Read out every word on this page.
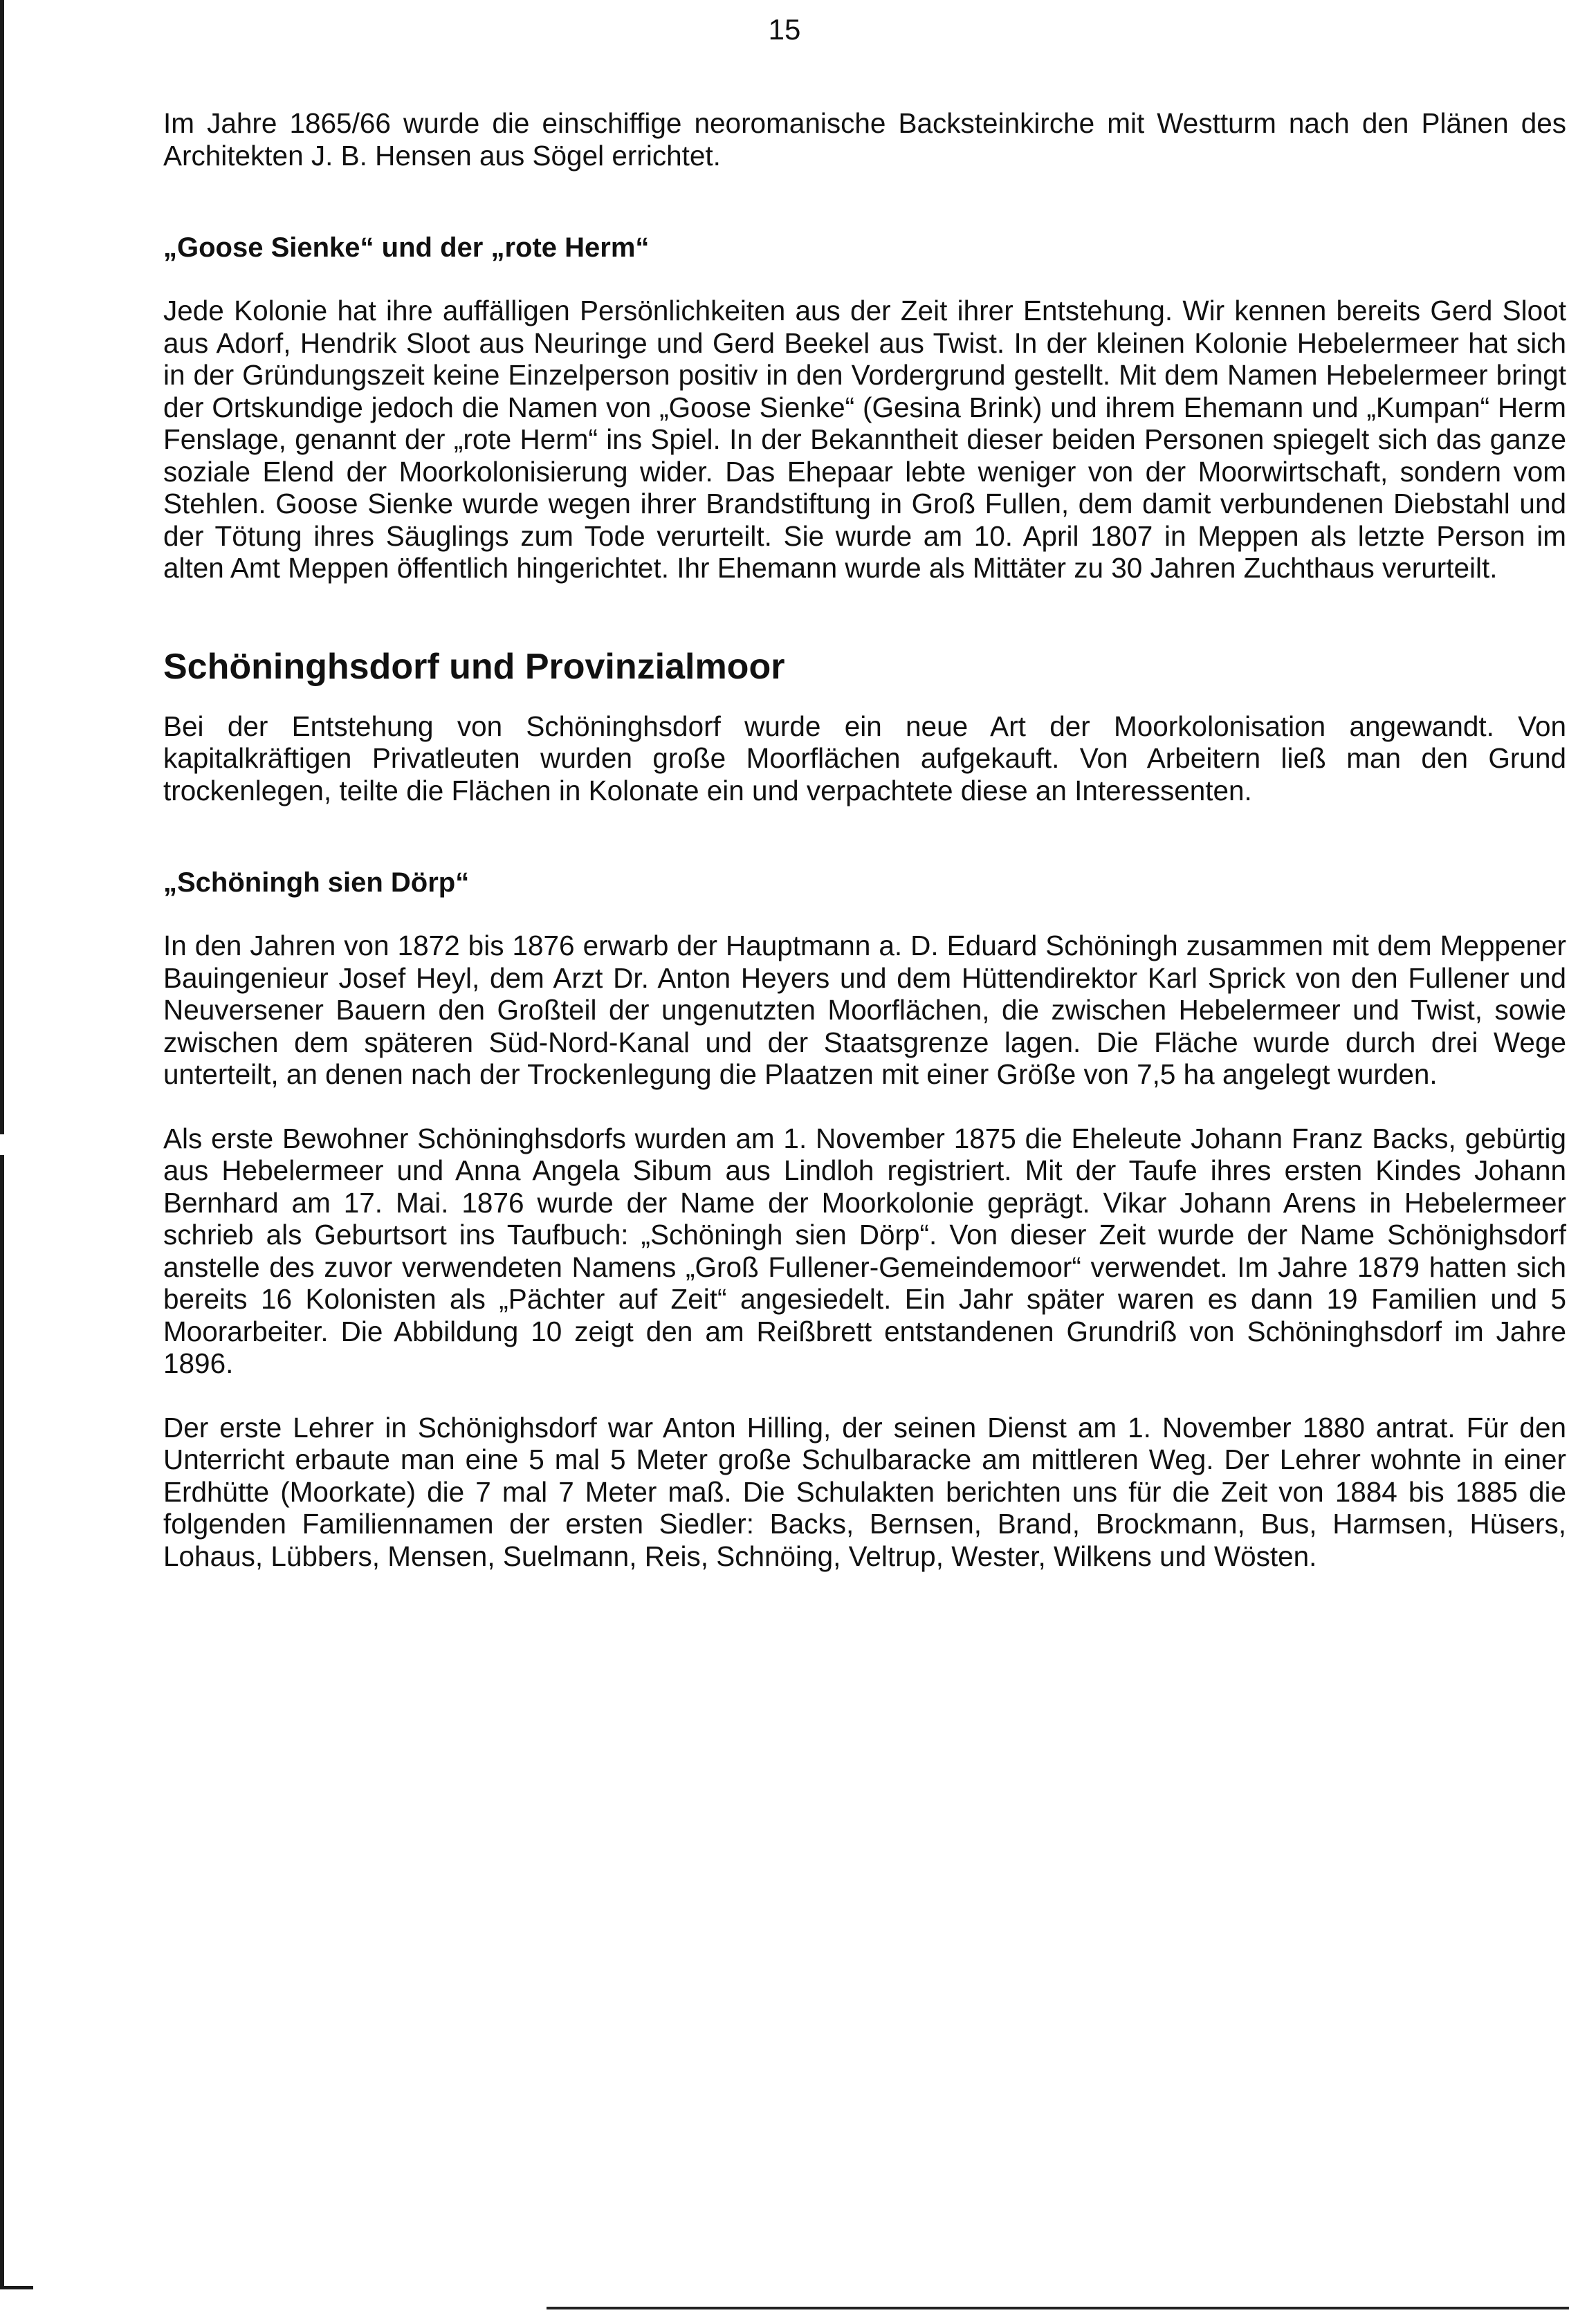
15

Im Jahre 1865/66 wurde die einschiffige neoromanische Backsteinkirche mit Westturm nach den Plänen des Architekten J. B. Hensen aus Sögel errichtet.

„Goose Sienke“ und der „rote Herm“

Jede Kolonie hat ihre auffälligen Persönlichkeiten aus der Zeit ihrer Entstehung. Wir kennen bereits Gerd Sloot aus Adorf, Hendrik Sloot aus Neuringe und Gerd Beekel aus Twist. In der kleinen Kolonie Hebelermeer hat sich in der Gründungszeit keine Einzelperson positiv in den Vordergrund gestellt. Mit dem Namen Hebelermeer bringt der Ortskundige jedoch die Namen von „Goose Sienke“ (Gesina Brink) und ihrem Ehemann und „Kumpan“ Herm Fenslage, genannt der „rote Herm“ ins Spiel. In der Bekanntheit dieser beiden Personen spiegelt sich das ganze soziale Elend der Moorkolonisierung wider. Das Ehepaar lebte weniger von der Moorwirtschaft, sondern vom Stehlen. Goose Sienke wurde wegen ihrer Brandstiftung in Groß Fullen, dem damit verbundenen Diebstahl und der Tötung ihres Säuglings zum Tode verurteilt. Sie wurde am 10. April 1807 in Meppen als letzte Person im alten Amt Meppen öffentlich hingerichtet. Ihr Ehemann wurde als Mittäter zu 30 Jahren Zuchthaus verurteilt.

Schöninghsdorf und Provinzialmoor

Bei der Entstehung von Schöninghsdorf wurde ein neue Art der Moorkolonisation angewandt. Von kapitalkräftigen Privatleuten wurden große Moorflächen aufgekauft. Von Arbeitern ließ man den Grund trockenlegen, teilte die Flächen in Kolonate ein und verpachtete diese an Interessenten.

„Schöningh sien Dörp“

In den Jahren von 1872 bis 1876 erwarb der Hauptmann a. D. Eduard Schöningh zusammen mit dem Meppener Bauingenieur Josef Heyl, dem Arzt Dr. Anton Heyers und dem Hüttendirektor Karl Sprick von den Fullener und Neuversener Bauern den Großteil der ungenutzten Moorflächen, die zwischen Hebelermeer und Twist, sowie zwischen dem späteren Süd-Nord-Kanal und der Staatsgrenze lagen. Die Fläche wurde durch drei Wege unterteilt, an denen nach der Trockenlegung die Plaatzen mit einer Größe von 7,5 ha angelegt wurden.

Als erste Bewohner Schöninghsdorfs wurden am 1. November 1875 die Eheleute Johann Franz Backs, gebürtig aus Hebelermeer und Anna Angela Sibum aus Lindloh registriert. Mit der Taufe ihres ersten Kindes Johann Bernhard am 17. Mai. 1876 wurde der Name der Moorkolonie geprägt. Vikar Johann Arens in Hebelermeer schrieb als Geburtsort ins Taufbuch: „Schöningh sien Dörp“. Von dieser Zeit wurde der Name Schönighsdorf anstelle des zuvor verwendeten Namens „Groß Fullener-Gemeindemoor“ verwendet. Im Jahre 1879 hatten sich bereits 16 Kolonisten als „Pächter auf Zeit“ angesiedelt. Ein Jahr später waren es dann 19 Familien und 5 Moorarbeiter. Die Abbildung 10 zeigt den am Reißbrett entstandenen Grundriß von Schöninghsdorf im Jahre 1896.

Der erste Lehrer in Schönighsdorf war Anton Hilling, der seinen Dienst am 1. November 1880 antrat. Für den Unterricht erbaute man eine 5 mal 5 Meter große Schulbaracke am mittleren Weg. Der Lehrer wohnte in einer Erdhütte (Moorkate) die 7 mal 7 Meter maß. Die Schulakten berichten uns für die Zeit von 1884 bis 1885 die folgenden Familiennamen der ersten Siedler: Backs, Bernsen, Brand, Brockmann, Bus, Harmsen, Hüsers, Lohaus, Lübbers, Mensen, Suelmann, Reis, Schnöing, Veltrup, Wester, Wilkens und Wösten.
